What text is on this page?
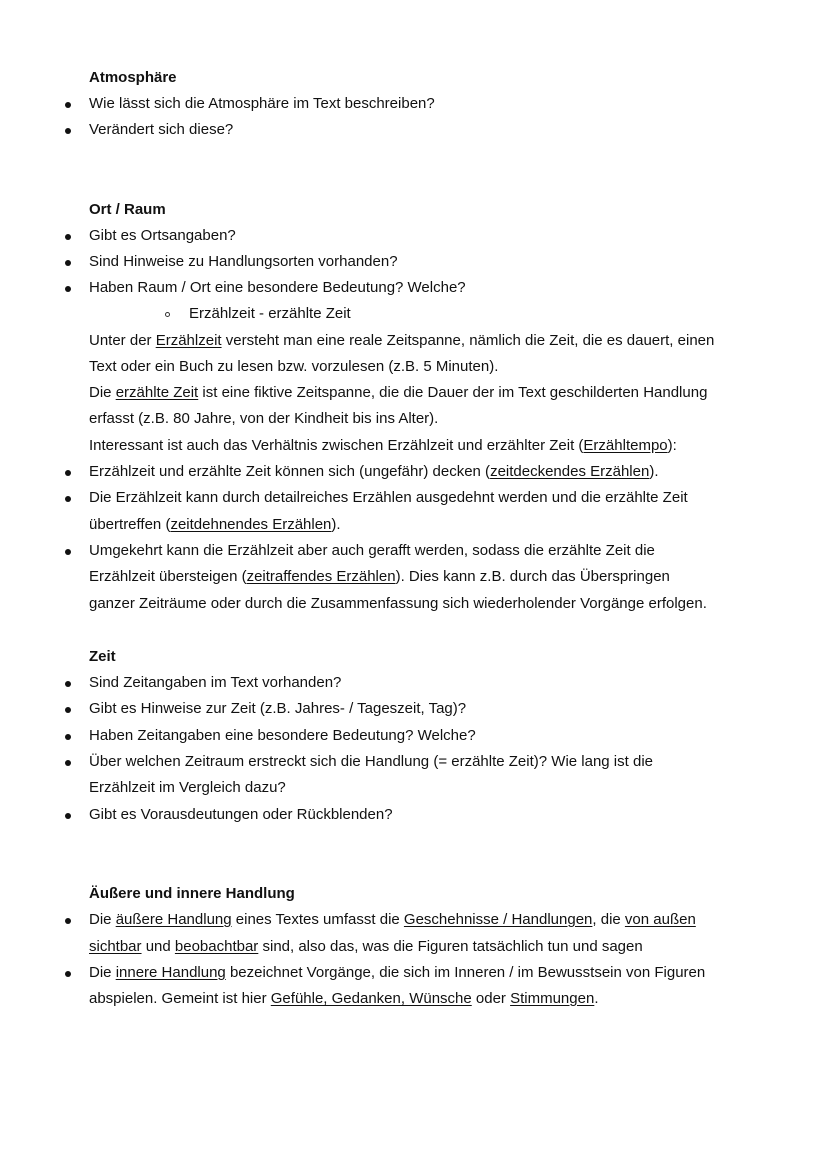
Atmosphäre
Wie lässt sich die Atmosphäre im Text beschreiben?
Verändert sich diese?
Ort / Raum
Gibt es Ortsangaben?
Sind Hinweise zu Handlungsorten vorhanden?
Haben Raum / Ort eine besondere Bedeutung? Welche?
Erzählzeit - erzählte Zeit
Unter der Erzählzeit versteht man eine reale Zeitspanne, nämlich die Zeit, die es dauert, einen
Text oder ein Buch zu lesen bzw. vorzulesen (z.B. 5 Minuten).
Die erzählte Zeit ist eine fiktive Zeitspanne, die die Dauer der im Text geschilderten Handlung
erfasst (z.B. 80 Jahre, von der Kindheit bis ins Alter).
Interessant ist auch das Verhältnis zwischen Erzählzeit und erzählter Zeit (Erzähltempo):
Erzählzeit und erzählte Zeit können sich (ungefähr) decken (zeitdeckendes Erzählen).
Die Erzählzeit kann durch detailreiches Erzählen ausgedehnt werden und die erzählte Zeit
übertreffen (zeitdehnendes Erzählen).
Umgekehrt kann die Erzählzeit aber auch gerafft werden, sodass die erzählte Zeit die
Erzählzeit übersteigen (zeitraffendes Erzählen). Dies kann z.B. durch das Überspringen
ganzer Zeiträume oder durch die Zusammenfassung sich wiederholender Vorgänge erfolgen.
Zeit
Sind Zeitangaben im Text vorhanden?
Gibt es Hinweise zur Zeit (z.B. Jahres- / Tageszeit, Tag)?
Haben Zeitangaben eine besondere Bedeutung? Welche?
Über welchen Zeitraum erstreckt sich die Handlung (= erzählte Zeit)? Wie lang ist die
Erzählzeit im Vergleich dazu?
Gibt es Vorausdeutungen oder Rückblenden?
Äußere und innere Handlung
Die äußere Handlung eines Textes umfasst die Geschehnisse / Handlungen, die von außen
sichtbar und beobachtbar sind, also das, was die Figuren tatsächlich tun und sagen
Die innere Handlung bezeichnet Vorgänge, die sich im Inneren / im Bewusstsein von Figuren
abspielen. Gemeint ist hier Gefühle, Gedanken, Wünsche oder Stimmungen.
